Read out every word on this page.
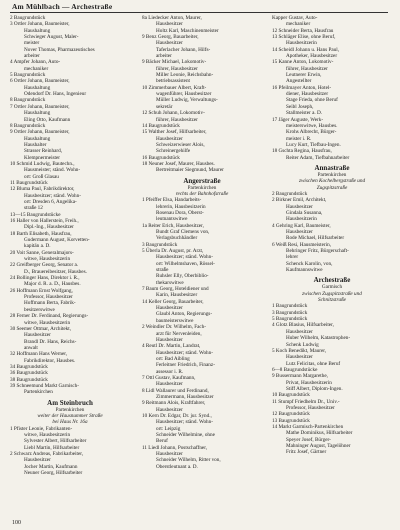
Am Mühlbach — Archestraße
2 Baugrundstück
3 Ortler Johann, Baumeister,
Haushaltung
Schwieger August, Maler-
meister
Nover Thomas, Pharmazeutisches
arbeiter
4 Ampfer Johann, Auto-
mechaniker
5 Baugrundstück
6 Ortler Johann, Baumeister,
Haushaltung
Odendorf Dr. Hans, Ingenieur
8 Baugrundstück
7 Ortler Johann, Baumeister,
Haushaltung
Eling Otto, Kaufmann
8 Baugrundstück
9 Ortler Johann, Baumeister,
Haushaltung
Haushalter
Strasser Reinhard,
Klempnermeister
10 Schmid Ludwig, Bautechn.,
Hausmeister; ständ. Wohn-
ort: Groß Glasau
11 Baugrundstück
12 Bluma Paul, Fabrikdirektor,
Hausbesitzer; ständ. Wohn-
ort: Dresden 6, Angelika-
straße 12
13—15 Baugrundstücke
16 Haller von Hallerstein, Freih.,
Dipl.-Ing., Hausbesitzer
18 Barth Elisabeth, Hausfrau,
Gudermann August, Korvetten-
kapitän a. D.
20 Voit Sanne, Generalmajors-
witwe, Hausbesitzerin
22 Greifberger Georg, Senator a.
D., Brauereibesitzer, Hausbes.
24 Bollinger Hans, Direktor i. R.,
Major d. R. a. D., Hausbes.
26 Hoffmann Ernst Wolfgang,
Professor, Hausbesitzer
Hoffmann Berta, Fabrik-
besitzerswitwe
28 Ferner Dr. Ferdinand, Regierungs-
witwe, Hausbesitzerin
30 Seemer Ottmar, Architekt,
Hausbesitzer
Brandl Dr. Hans, Reichs-
anwalt
32 Hoffmann Hans Werner,
Fabrikdirektor, Hausbes.
34 Baugrundstück
36 Baugrundstück
38 Baugrundstück
39 Schneemund Markt Garnisch-
Partenkirchen
Am Steinbruch
Partenkirchen
weiter der Hausnummer Straße
bei Haus Nr. 16a
1 Pfister Leonie, Fabrikanten-
witwe, Hausbesitzerin
Sylvester Albert, Hilfsarbeiter
Liebl Martin, Hilfsarbeiter
2 Schwarz Andreas, Fabrikarbeiter,
Hausbesitzer
Jocher Martin, Kaufmann
Neuner Georg, Hilfsarbeiter
8a Liedecker Anton, Maurer,
Hausbesitzer
Holtz Karl, Maschinenmeister
9 Benz Georg, Bauarbeiter,
Hausbesitzer
Taferlacher Johann, Hilfs-
arbeiter
9 Bäcker Michael, Lokomotiv-
führer, Hausbesitzer
Miller Leonie, Reichsbahn-
betriebsassistent
10 Zimmerbauer Albert, Kraft-
wagenführer, Hausbesitzer
Müller Ludwig, Verwaltungs-
sekretär
12 Schuh Johann, Lokomotiv-
führer, Hausbesitzer
14 Baugrundstück
15 Walther Josef, Hilfsarbeiter,
Hausbesitzer
Schweizerwieser Alois,
Schreinergehilfe
16 Baugrundstück
18 Neuner Josef, Maurer, Hausbes.
Bertreitmaier Siegmund, Maurer
Angerstraße
Partenkirchen
rechts der Bahnhofstraße
1 Pfeiffer Elsa, Handarbeits-
lehrerin, Hausbesitzerin
Rosenau Dora, Oberst-
leutnantswitwe
1a Reiter Erich, Hausbesitzer,
Bundt Graf Clemens von,
Verlagsbuchhändler
3 Baugrundstück
5 Überla Dr. August, pr. Arzt,
Hausbesitzer; ständ. Wohn-
ort: Wilhelmshaven, Rössel-
straße
Ruhsler Elly, Oberbiblio-
thekarswitwe
7 Baum Georg, Hoteldiener und
Karin, Hausbesitzer
14 Keller Georg, Bauarbeiter,
Hausbesitzer
Glaubl Anton, Regierungs-
baumeisterswitwe
2 Weindler Dr. Wilhelm, Fach-
arzt für Nervenleiden,
Hausbesitzer
4 Reutl Dr. Martin, Landrat,
Hausbesitzer; ständ. Wohn-
ort: Bad Aibling
Ferleitner Friedrich, Finanz-
assessor i. R.
7 Ottl Gustav, Kaufmann,
Hausbesitzer
8 Lidl Wallaurer und Ferdinand,
Zimmermann, Hausbesitzer
9 Reitmann Alois, Kraftfahrer,
Hausbesitzer
10 Kern Dr. Edgar, Dr. jur. Synd.,
Hausbesitzer; ständ. Wohn-
ort: Leipzig
Schneider Wilhelmine, ohne
Beruf
11 Liedl Johann, Postschaffner,
Hausbesitzer
Schneider Wilhelm, Ritter von,
Oberstleutnant a. D.
Kapper Gustav, Auto-
mechaniker
12 Schneider Berta, Hausfrau
13 Schläger Elise, ohne Beruf,
Hausbesitzerin
14 Scheidl Johann u. Hans Paul,
Apotheker, Hausbesitzer
15 Kanne Anton, Lokomotiv-
führer, Hausbesitzer
Leutnerer Erwin,
Angestellter
16 Pfeilmayer Anton, Hotel-
diener, Hausbesitzer
Stage Frieda, ohne Beruf
Seibl Joseph,
Stallmeister a. D.
17 Jäger Auguste, Werk-
meisterswitwe, Hausbes.
Krohs Albrecht, Bürger-
meister i. R.
Lucy Kurt, Tiefbau-Ingen.
18 Gschta Regina, Hausfrau,
Reiter Adam, Tiefbahnarbeiter
Annastraße
Partenkirchen
zwischen Kochelbergstraße und
Zugspitzstraße
2 Baugrundstück
2 Birkner Emil, Architekt,
Hausbesitzer
Gindala Susanna,
Hausbesitzerin
4 Gehring Karl, Baumeister,
Hausbesitzer
Rode Michael, Hilfsarbeiter
6 Weiß Resi, Hausmeisterin,
Behringer Fritz, Bürgerschaft-
lehrer
Schenck Karolin, von,
Kaufmannswitwe
Archestraße
Garmisch
zwischen Zugspitzstraße und
Schnitzstraße
1 Baugrundstück
3 Baugrundstück
5 Baugrundstück
4 Glotz Blasius, Hilfsarbeiter,
Hausbesitzer
Huber Wilhelm, Katastrophen-
Schenk Ludwig
5 Koch Benedikt, Maurer,
Hausbesitzer
Lutz Felicitas, ohne Beruf
6—8 Baugrundstücke
9 Bussermann Margarethe,
Privat, Hausbesitzerin
Stiff Albert, Diplom-Ingen.
10 Baugrundstück
11 Stumpf Friedhelm Dr., Univ.-
Professor, Hausbesitzer
12 Baugrundstück
13 Baugrundstück
14 Markt Garmisch-Partenkirchen
Mathe Dominikus, Hilfsarbeiter
Speyer Josef, Bürger-
Mahninger August, Tagelöhner
Fritz Josef, Gärtner
100
